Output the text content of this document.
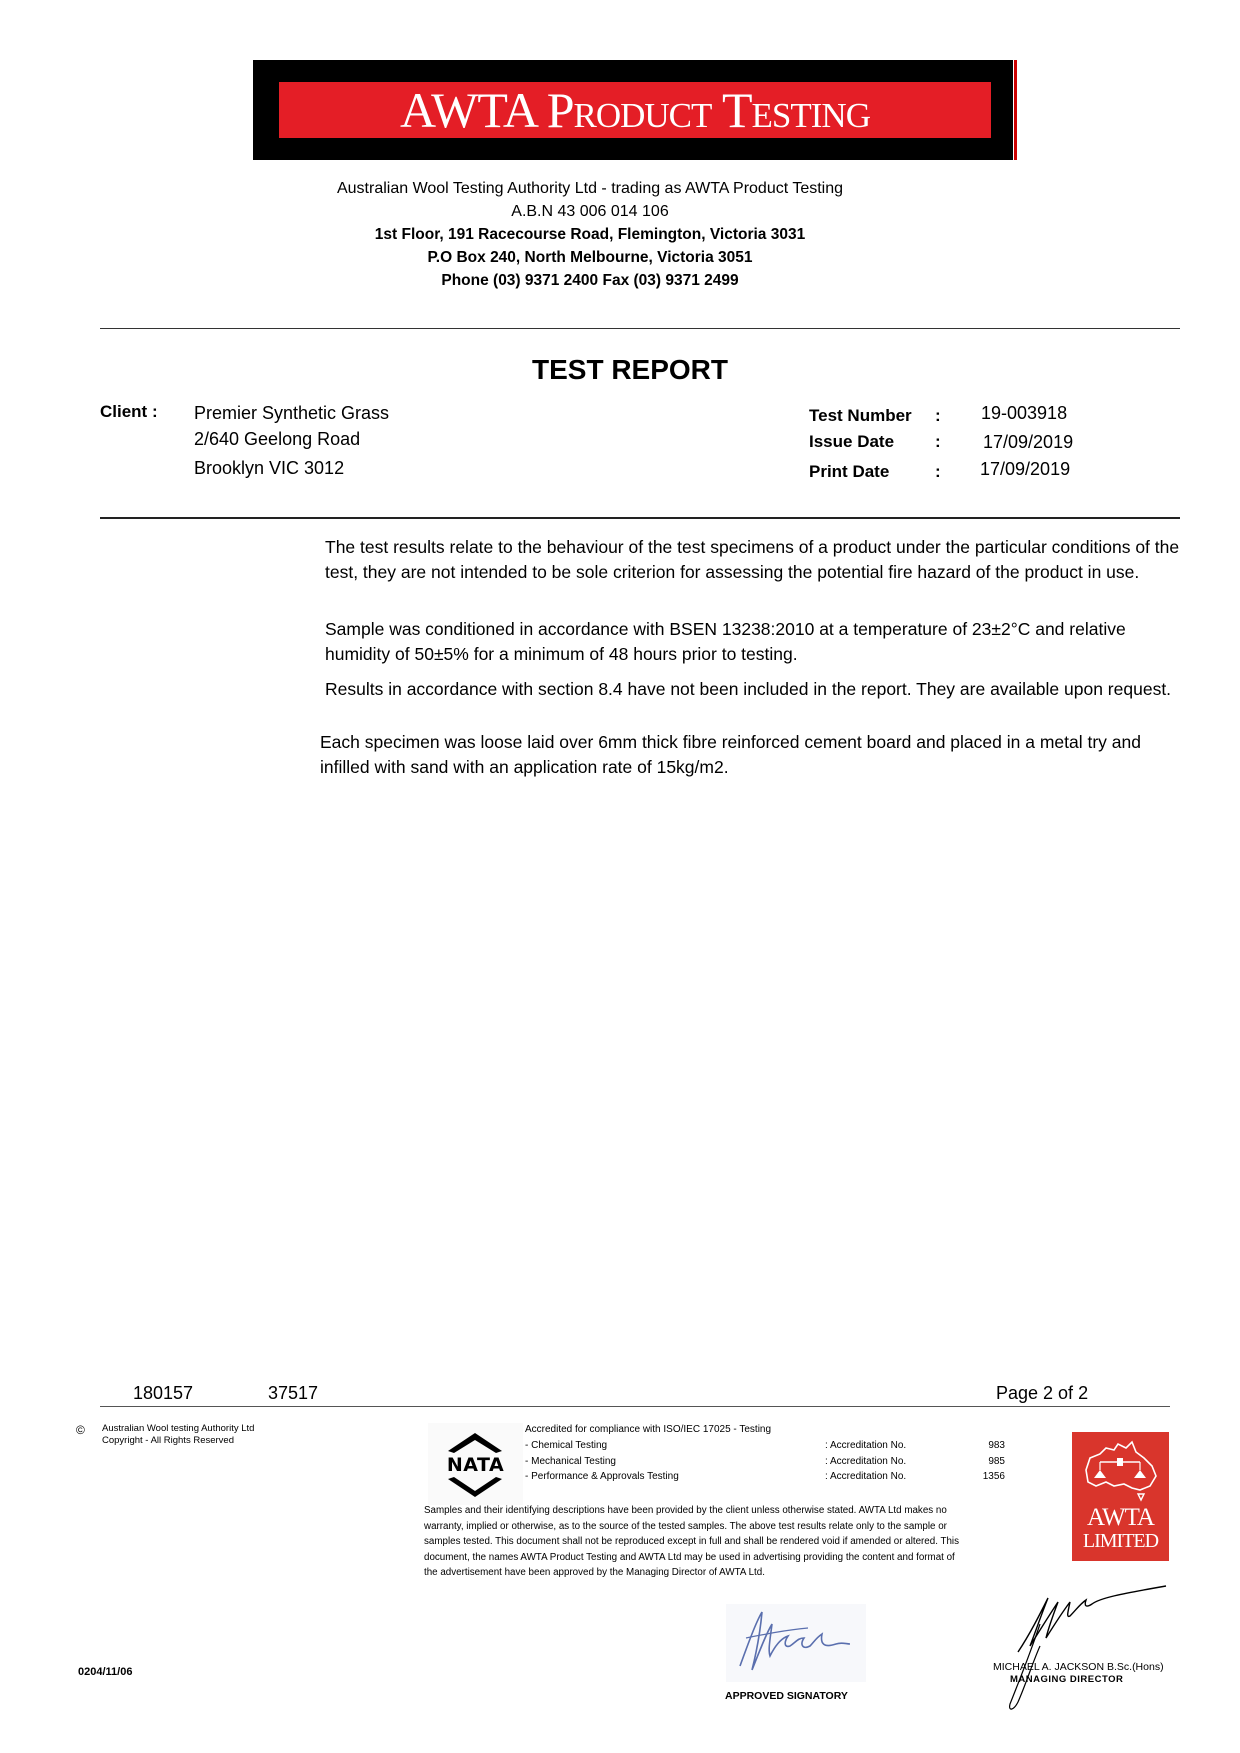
AWTA Product Testing
Australian Wool Testing Authority Ltd - trading as AWTA Product Testing
A.B.N 43 006 014 106
1st Floor, 191 Racecourse Road, Flemington, Victoria 3031
P.O Box 240, North Melbourne, Victoria 3051
Phone (03) 9371 2400 Fax (03) 9371 2499
TEST REPORT
Client : Premier Synthetic Grass
2/640 Geelong Road
Brooklyn VIC 3012
Test Number : 19-003918
Issue Date : 17/09/2019
Print Date	: 17/09/2019
The test results relate to the behaviour of the test specimens of a product under the particular conditions of the test, they are not intended to be sole criterion for assessing the potential fire hazard of the product in use.
Sample was conditioned in accordance with BSEN 13238:2010 at a temperature of 23±2°C and relative humidity of 50±5% for a minimum of 48 hours prior to testing.
Results in accordance with section 8.4 have not been included in the report. They are available upon request.
Each specimen was loose laid over 6mm thick fibre reinforced cement board and placed in a metal try and infilled with sand with an application rate of 15kg/m2.
180157	37517	Page 2 of 2
© Australian Wool testing Authority Ltd
Copyright - All Rights Reserved
NATA
Accredited for compliance with ISO/IEC 17025 - Testing
- Chemical Testing	: Accreditation No.	983
- Mechanical Testing	: Accreditation No.	985
- Performance & Approvals Testing	: Accreditation No.	1356
Samples and their identifying descriptions have been provided by the client unless otherwise stated. AWTA Ltd makes no warranty, implied or otherwise, as to the source of the tested samples. The above test results relate only to the sample or samples tested. This document shall not be reproduced except in full and shall be rendered void if amended or altered. This document, the names AWTA Product Testing and AWTA Ltd may be used in advertising providing the content and format of the advertisement have been approved by the Managing Director of AWTA Ltd.
AWTA
LIMITED
APPROVED SIGNATORY
MICHAEL A. JACKSON B.Sc.(Hons)
MANAGING DIRECTOR
0204/11/06
